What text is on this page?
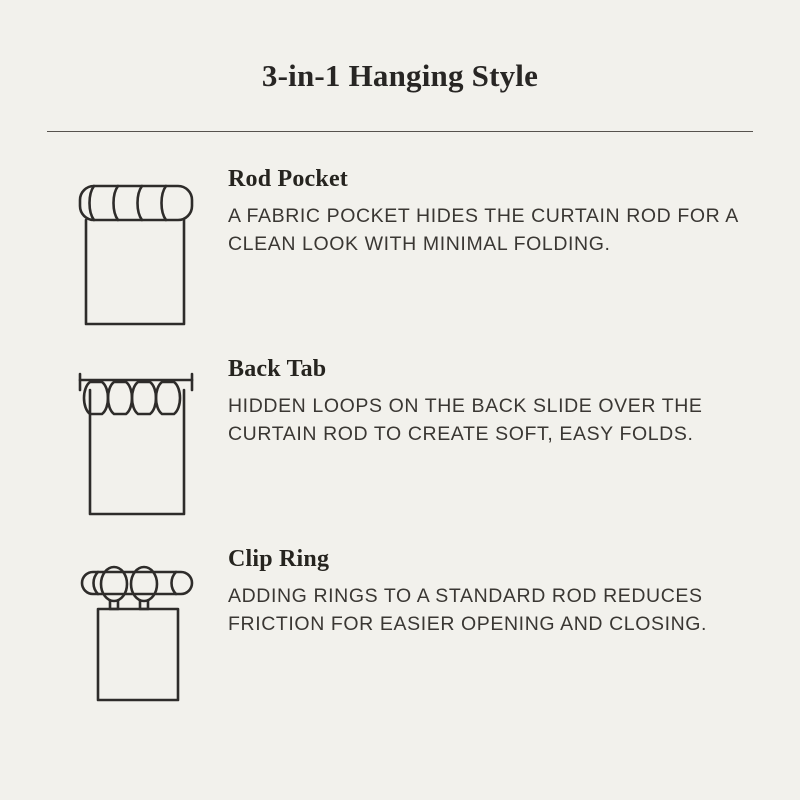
3-in-1 Hanging Style
Rod Pocket

A FABRIC POCKET HIDES THE CURTAIN ROD FOR A CLEAN LOOK WITH MINIMAL FOLDING.

Back Tab

HIDDEN LOOPS ON THE BACK SLIDE OVER THE CURTAIN ROD TO CREATE SOFT, EASY FOLDS.

Clip Ring

ADDING RINGS TO A STANDARD ROD REDUCES FRICTION FOR EASIER OPENING AND CLOSING.
